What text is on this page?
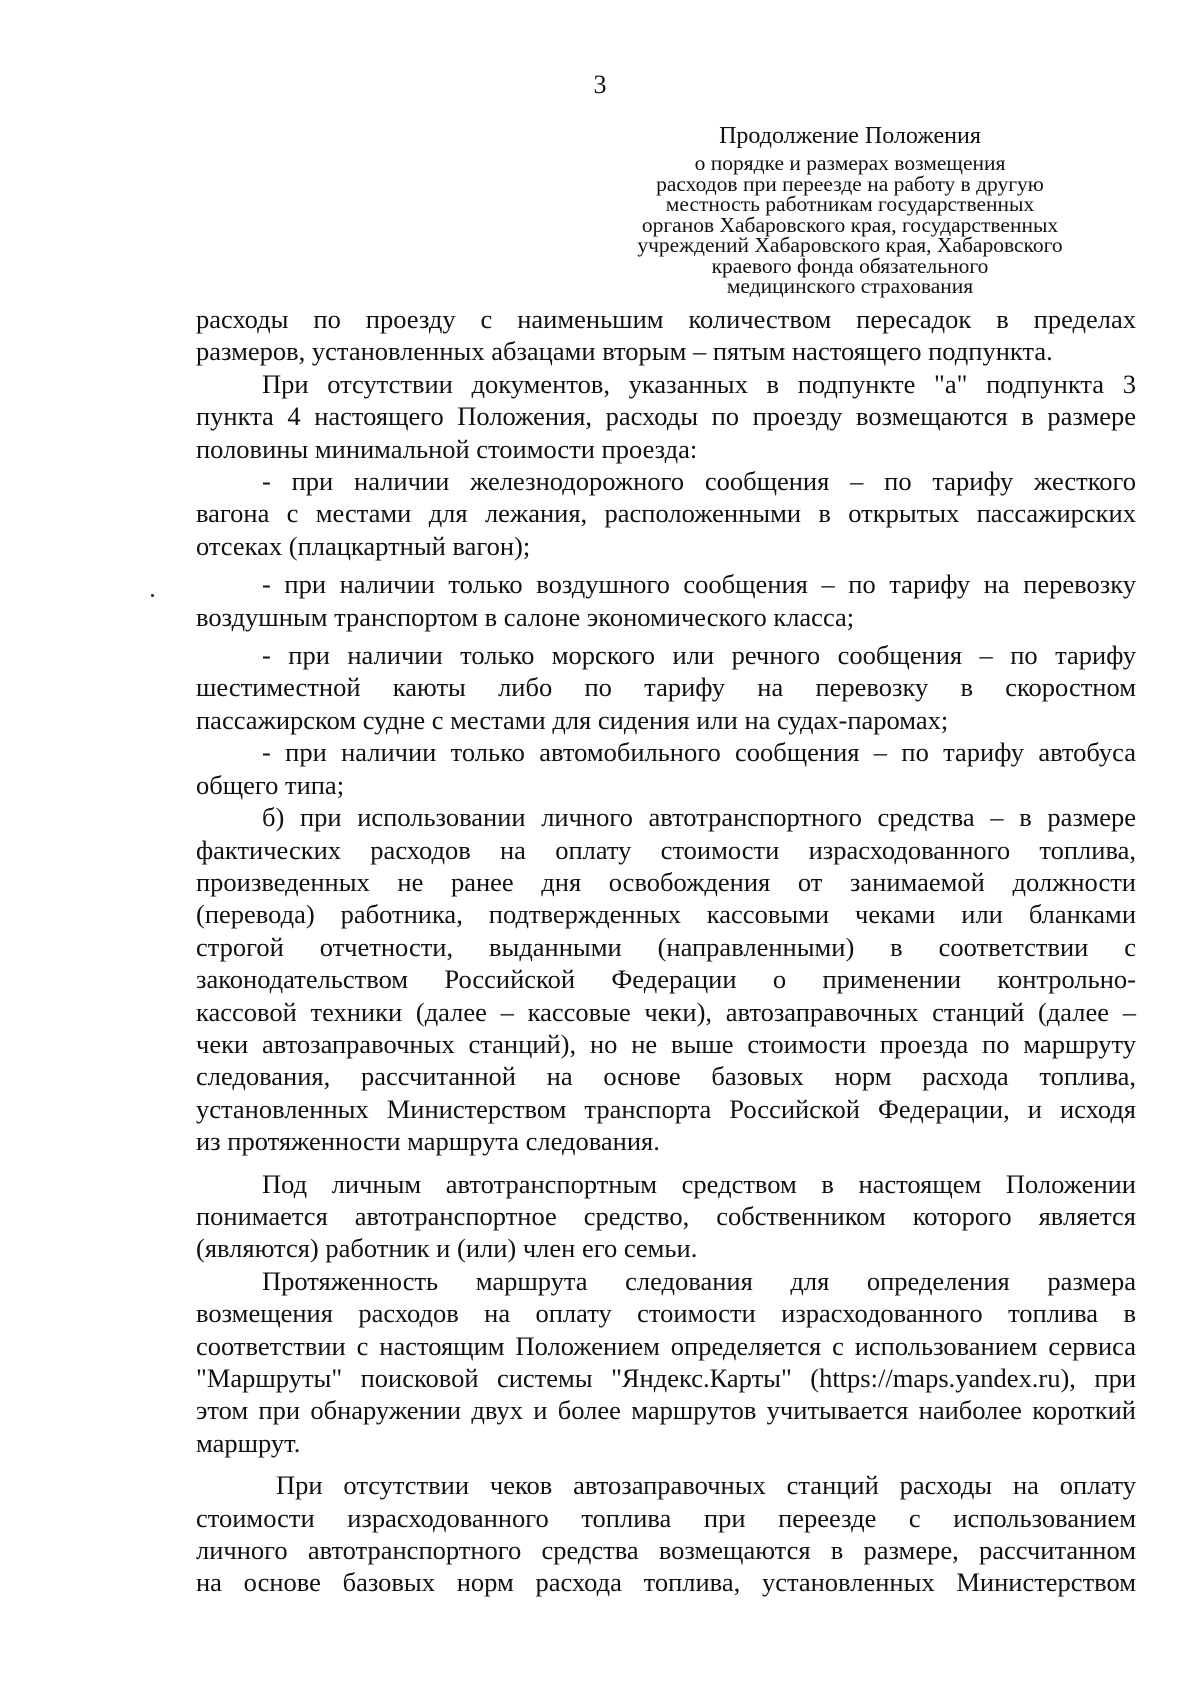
3
Продолжение Положения
о порядке и размерах возмещения
расходов при переезде на работу в другую
местность работникам государственных
органов Хабаровского края, государственных
учреждений Хабаровского края, Хабаровского
краевого фонда обязательного
медицинского страхования
расходы по проезду с наименьшим количеством пересадок в пределах
размеров, установленных абзацами вторым – пятым настоящего подпункта.
При отсутствии документов, указанных в подпункте "а" подпункта 3
пункта 4 настоящего Положения, расходы по проезду возмещаются в размере
половины минимальной стоимости проезда:
- при наличии железнодорожного сообщения – по тарифу жесткого
вагона с местами для лежания, расположенными в открытых пассажирских
отсеках (плацкартный вагон);
- при наличии только воздушного сообщения – по тарифу на перевозку
воздушным транспортом в салоне экономического класса;
- при наличии только морского или речного сообщения – по тарифу
шестиместной каюты либо по тарифу на перевозку в скоростном
пассажирском судне с местами для сидения или на судах-паромах;
- при наличии только автомобильного сообщения – по тарифу автобуса
общего типа;
б) при использовании личного автотранспортного средства – в размере
фактических расходов на оплату стоимости израсходованного топлива,
произведенных не ранее дня освобождения от занимаемой должности
(перевода) работника, подтвержденных кассовыми чеками или бланками
строгой отчетности, выданными (направленными) в соответствии с
законодательством Российской Федерации о применении контрольно-
кассовой техники (далее – кассовые чеки), автозаправочных станций (далее –
чеки автозаправочных станций), но не выше стоимости проезда по маршруту
следования, рассчитанной на основе базовых норм расхода топлива,
установленных Министерством транспорта Российской Федерации, и исходя
из протяженности маршрута следования.
Под личным автотранспортным средством в настоящем Положении
понимается автотранспортное средство, собственником которого является
(являются) работник и (или) член его семьи.
Протяженность маршрута следования для определения размера
возмещения расходов на оплату стоимости израсходованного топлива в
соответствии с настоящим Положением определяется с использованием сервиса
"Маршруты" поисковой системы "Яндекс.Карты" (https://maps.yandex.ru), при
этом при обнаружении двух и более маршрутов учитывается наиболее короткий
маршрут.
При отсутствии чеков автозаправочных станций расходы на оплату
стоимости израсходованного топлива при переезде с использованием
личного автотранспортного средства возмещаются в размере, рассчитанном
на основе базовых норм расхода топлива, установленных Министерством
